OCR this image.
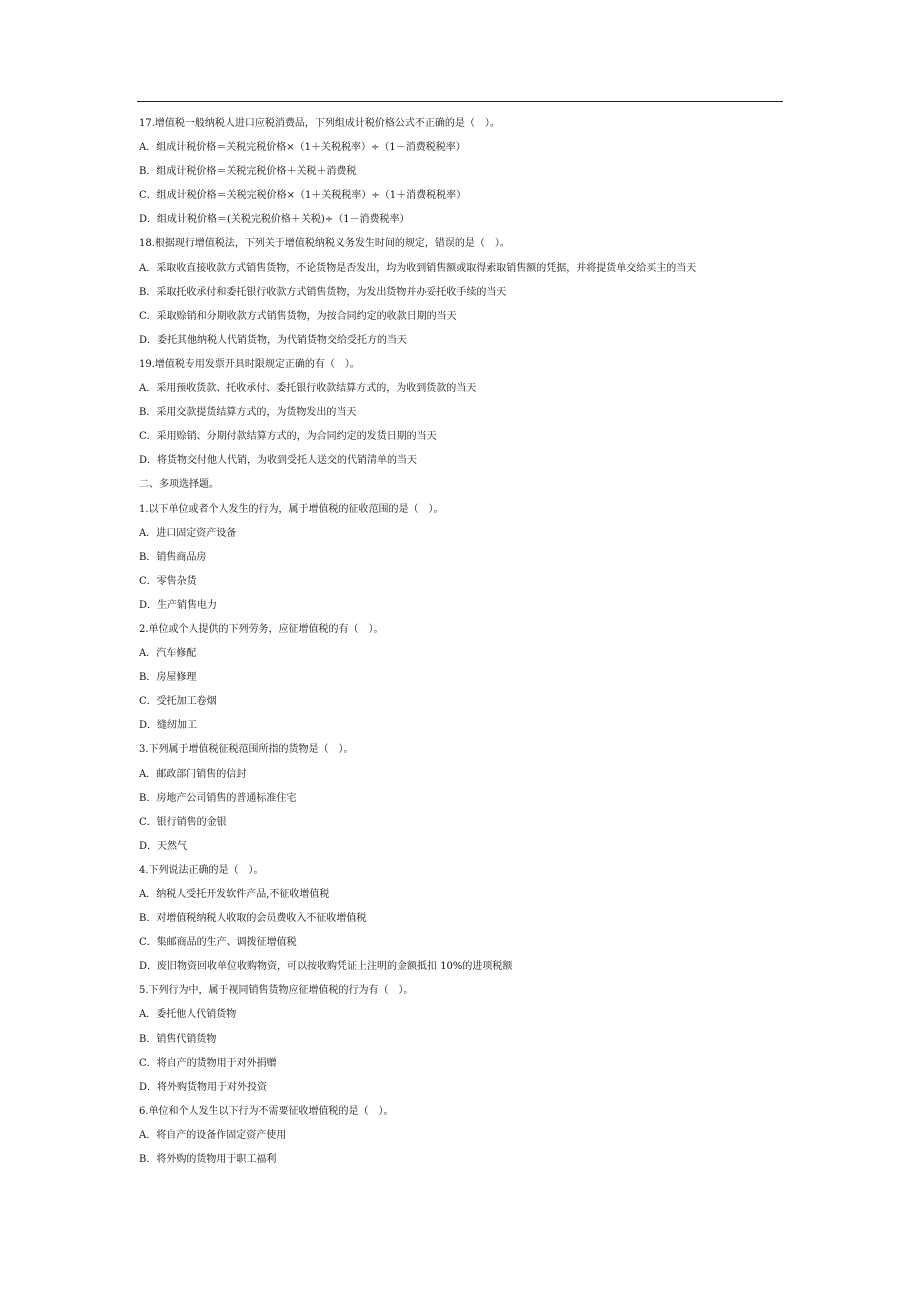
17.增值税一般纳税人进口应税消费品，下列组成计税价格公式不正确的是（　）。
A．组成计税价格＝关税完税价格×（1＋关税税率）÷（1－消费税税率）
B．组成计税价格＝关税完税价格＋关税＋消费税
C．组成计税价格＝关税完税价格×（1＋关税税率）÷（1＋消费税税率）
D．组成计税价格＝(关税完税价格＋关税)÷（1－消费税率）
18.根据现行增值税法，下列关于增值税纳税义务发生时间的规定，错误的是（　）。
A．采取收直接收款方式销售货物，不论货物是否发出，均为收到销售额或取得索取销售额的凭据，并将提货单交给买主的当天
B．采取托收承付和委托银行收款方式销售货物，为发出货物并办妥托收手续的当天
C．采取赊销和分期收款方式销售货物，为按合同约定的收款日期的当天
D．委托其他纳税人代销货物，为代销货物交给受托方的当天
19.增值税专用发票开具时限规定正确的有（　）。
A．采用预收货款、托收承付、委托银行收款结算方式的，为收到货款的当天
B．采用交款提货结算方式的，为货物发出的当天
C．采用赊销、分期付款结算方式的，为合同约定的发货日期的当天
D．将货物交付他人代销，为收到受托人送交的代销清单的当天
二、多项选择题。
1.以下单位或者个人发生的行为，属于增值税的征收范围的是（　）。
A．进口固定资产设备
B．销售商品房
C．零售杂货
D．生产销售电力
2.单位或个人提供的下列劳务，应征增值税的有（　）。
A．汽车修配
B．房屋修理
C．受托加工卷烟
D．缝纫加工
3.下列属于增值税征税范围所指的货物是（　）。
A．邮政部门销售的信封
B．房地产公司销售的普通标准住宅
C．银行销售的金银
D．天然气
4.下列说法正确的是（　）。
A．纳税人受托开发软件产品,不征收增值税
B．对增值税纳税人收取的会员费收入不征收增值税
C．集邮商品的生产、调拨征增值税
D．废旧物资回收单位收购物资，可以按收购凭证上注明的金额抵扣 10%的进项税额
5.下列行为中，属于视同销售货物应征增值税的行为有（　）。
A．委托他人代销货物
B．销售代销货物
C．将自产的货物用于对外捐赠
D．将外购货物用于对外投资
6.单位和个人发生以下行为不需要征收增值税的是（　）。
A．将自产的设备作固定资产使用
B．将外购的货物用于职工福利
